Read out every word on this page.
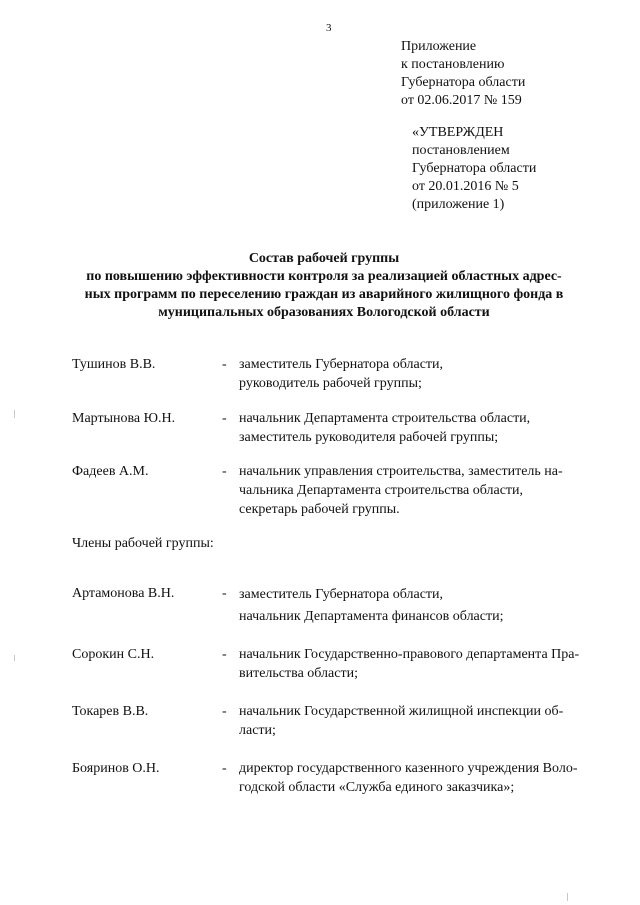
3
Приложение
к постановлению
Губернатора области
от 02.06.2017 № 159
«УТВЕРЖДЕН
постановлением
Губернатора области
от 20.01.2016 № 5
(приложение 1)
Состав рабочей группы
по повышению эффективности контроля за реализацией областных адрес-
ных программ по переселению граждан из аварийного жилищного фонда в
муниципальных образованиях Вологодской области
Тушинов В.В.	- заместитель Губернатора области,
руководитель рабочей группы;
Мартынова Ю.Н.	- начальник Департамента строительства области,
заместитель руководителя рабочей группы;
Фадеев А.М.	- начальник управления строительства, заместитель на-
чальника Департамента строительства области,
секретарь рабочей группы.
Члены рабочей группы:
Артамонова В.Н.	- заместитель Губернатора области,
начальник Департамента финансов области;
Сорокин С.Н.	- начальник Государственно-правового департамента Пра-
вительства области;
Токарев В.В.	- начальник Государственной жилищной инспекции об-
ласти;
Бояринов О.Н.	- директор государственного казенного учреждения Воло-
годской области «Служба единого заказчика»;
